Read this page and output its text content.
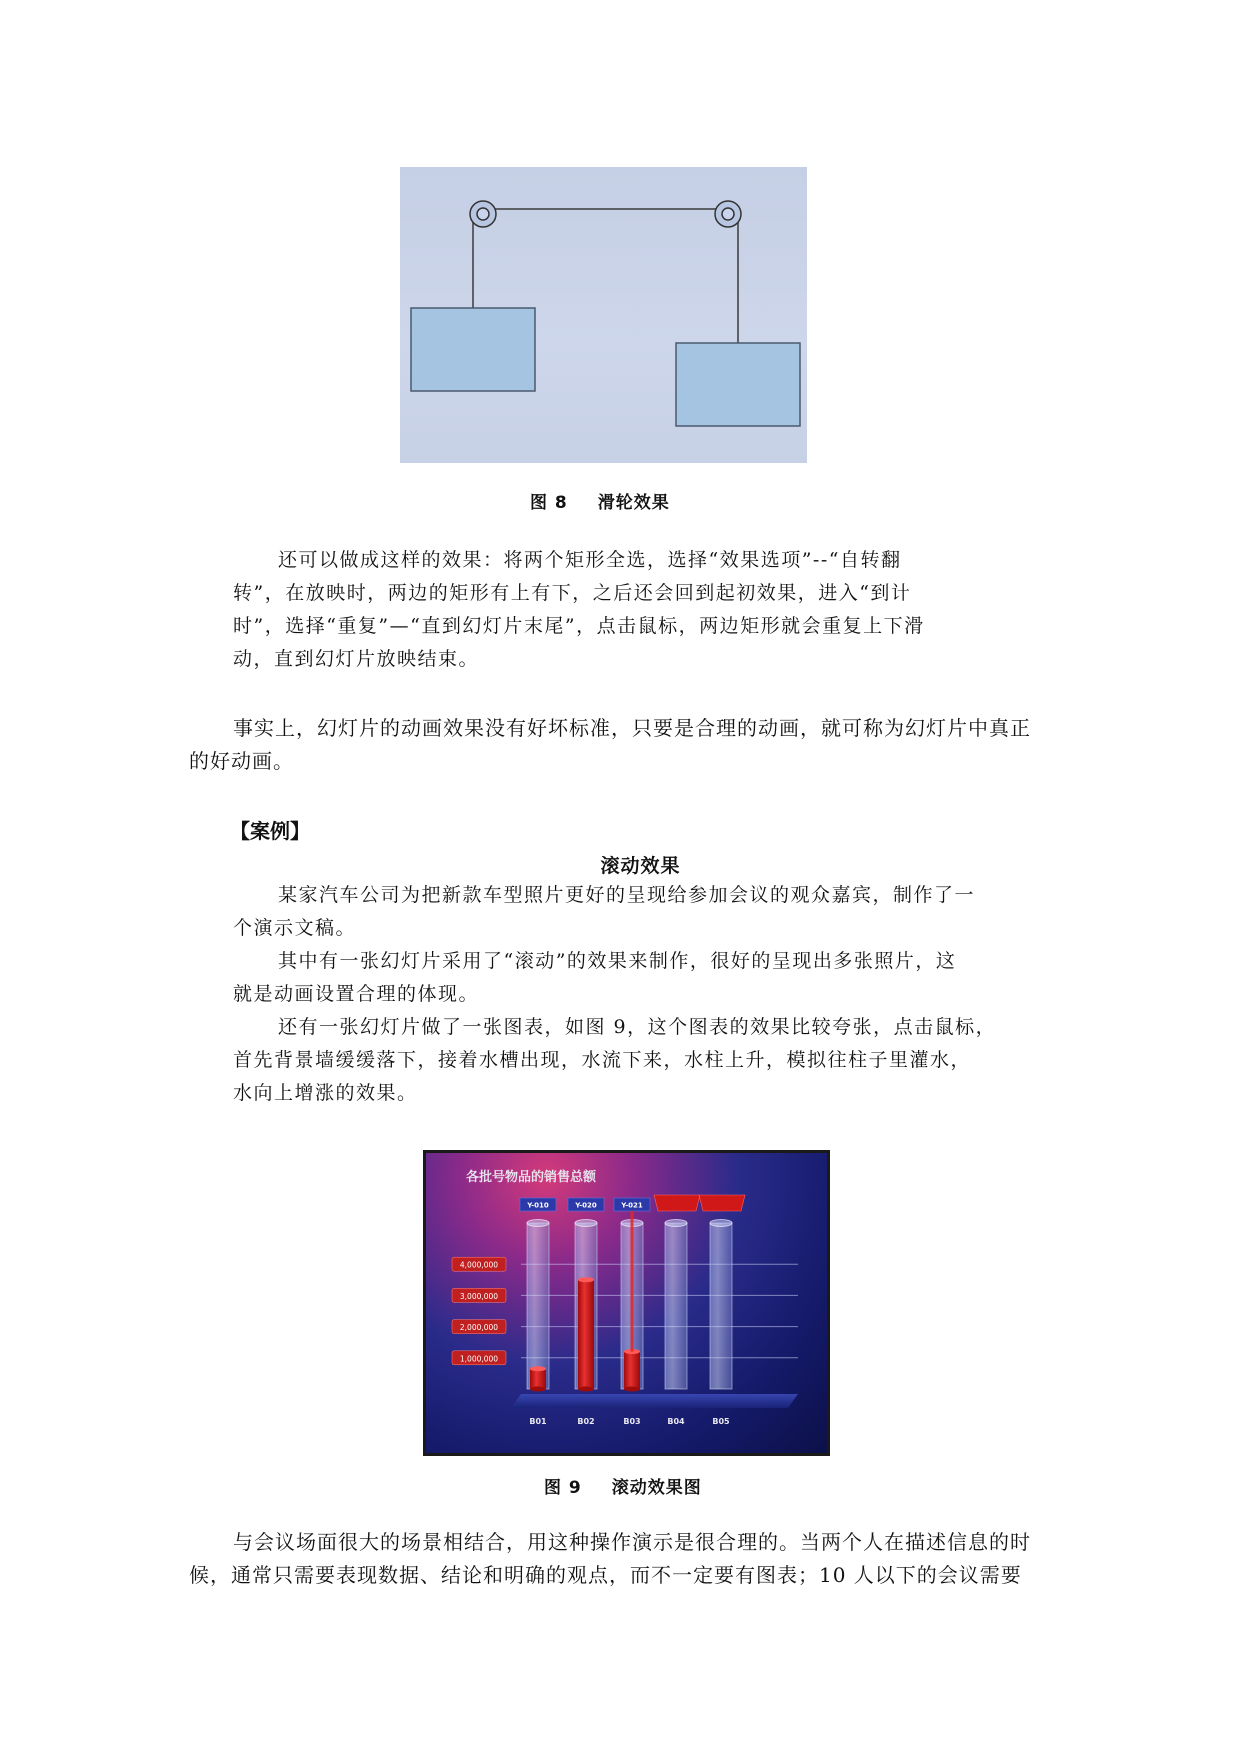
图 8 滑轮效果
还可以做成这样的效果：将两个矩形全选，选择“效果选项”--“自转翻
转”，在放映时，两边的矩形有上有下，之后还会回到起初效果，进入“到计
时”，选择“重复”—“直到幻灯片末尾”，点击鼠标，两边矩形就会重复上下滑
动，直到幻灯片放映结束。
事实上，幻灯片的动画效果没有好坏标准，只要是合理的动画，就可称为幻灯片中真正
的好动画。
【案例】
滚动效果
某家汽车公司为把新款车型照片更好的呈现给参加会议的观众嘉宾，制作了一
个演示文稿。
其中有一张幻灯片采用了“滚动”的效果来制作，很好的呈现出多张照片，这
就是动画设置合理的体现。
还有一张幻灯片做了一张图表，如图 9，这个图表的效果比较夸张，点击鼠标，
首先背景墙缓缓落下，接着水槽出现，水流下来，水柱上升，模拟往柱子里灌水，
水向上增涨的效果。
各批号物品的销售总额
Y-010	Y-020	Y-021
1,000,000
2,000,000
3,000,000
4,000,000
B01	B02	B03	B04	B05
图 9 滚动效果图
与会议场面很大的场景相结合，用这种操作演示是很合理的。当两个人在描述信息的时
候，通常只需要表现数据、结论和明确的观点，而不一定要有图表；10 人以下的会议需要
